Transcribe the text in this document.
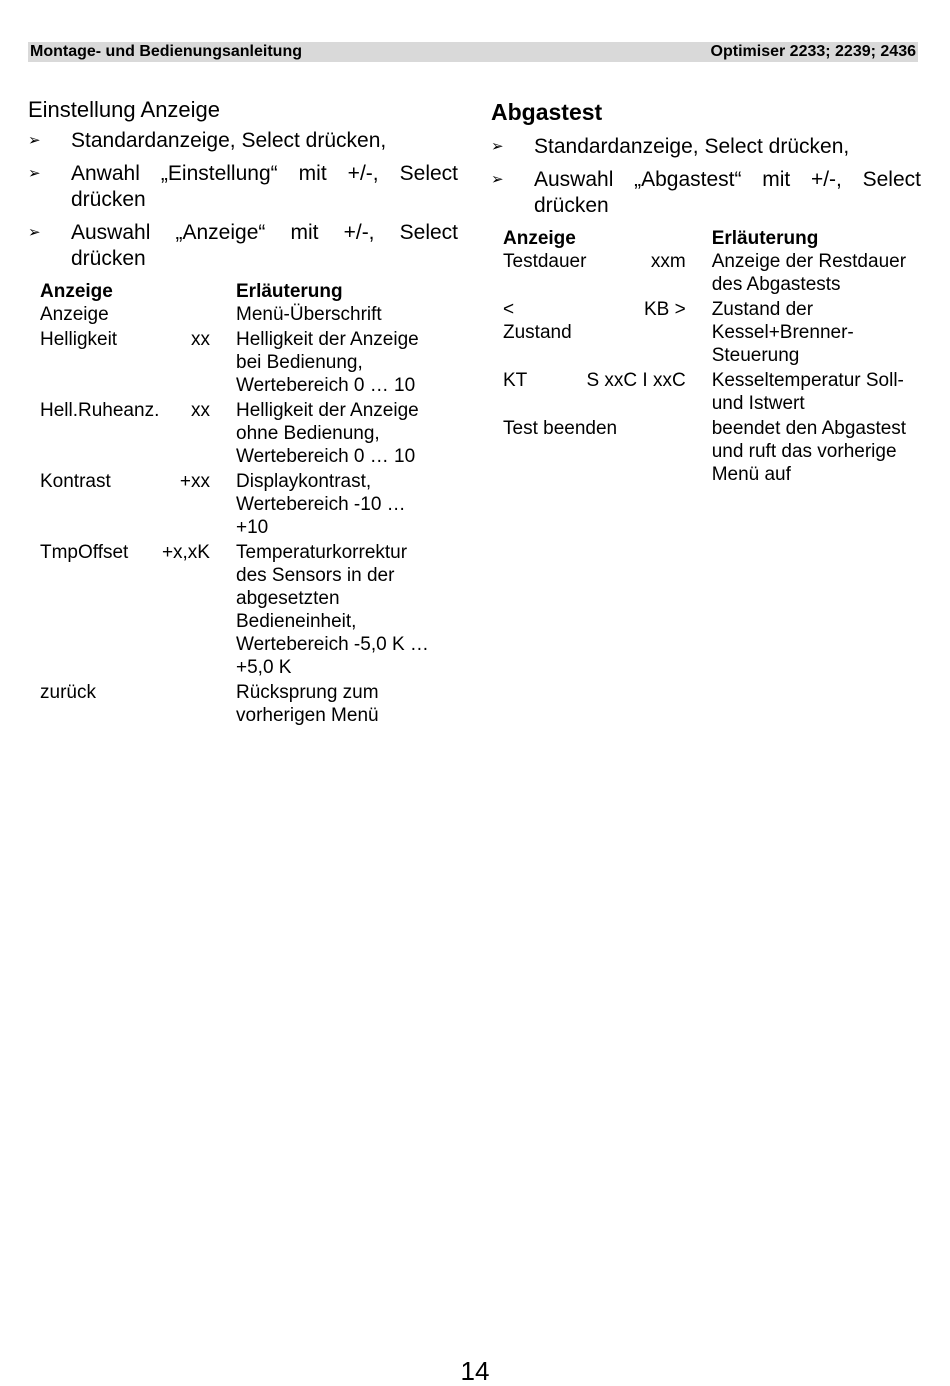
Montage- und Bedienungsanleitung	Optimiser 2233; 2239; 2436
Einstellung Anzeige
➢ Standardanzeige, Select drücken,
➢ Anwahl „Einstellung“ mit +/-, Select drücken
➢ Auswahl „Anzeige“ mit +/-, Select drücken
Anzeige		Erläuterung
Anzeige		Menü-Überschrift
Helligkeit	xx	Helligkeit der Anzeige bei Bedienung, Wertebereich 0 … 10
Hell.Ruheanz.	xx	Helligkeit der Anzeige ohne Bedienung, Wertebereich 0 … 10
Kontrast	+xx	Displaykontrast, Wertebereich -10 … +10
TmpOffset	+x,xK	Temperaturkorrektur des Sensors in der abgesetzten Bedieneinheit, Wertebereich -5,0 K … +5,0 K
zurück		Rücksprung zum vorherigen Menü
Abgastest
➢ Standardanzeige, Select drücken,
➢ Auswahl „Abgastest“ mit +/-, Select drücken
Anzeige		Erläuterung
Testdauer	xxm	Anzeige der Restdauer des Abgastests
< Zustand	KB >	Zustand der Kessel+Brenner-Steuerung
KT	S xxC I xxC	Kesseltemperatur Soll- und Istwert
Test beenden		beendet den Abgastest und ruft das vorherige Menü auf
14
